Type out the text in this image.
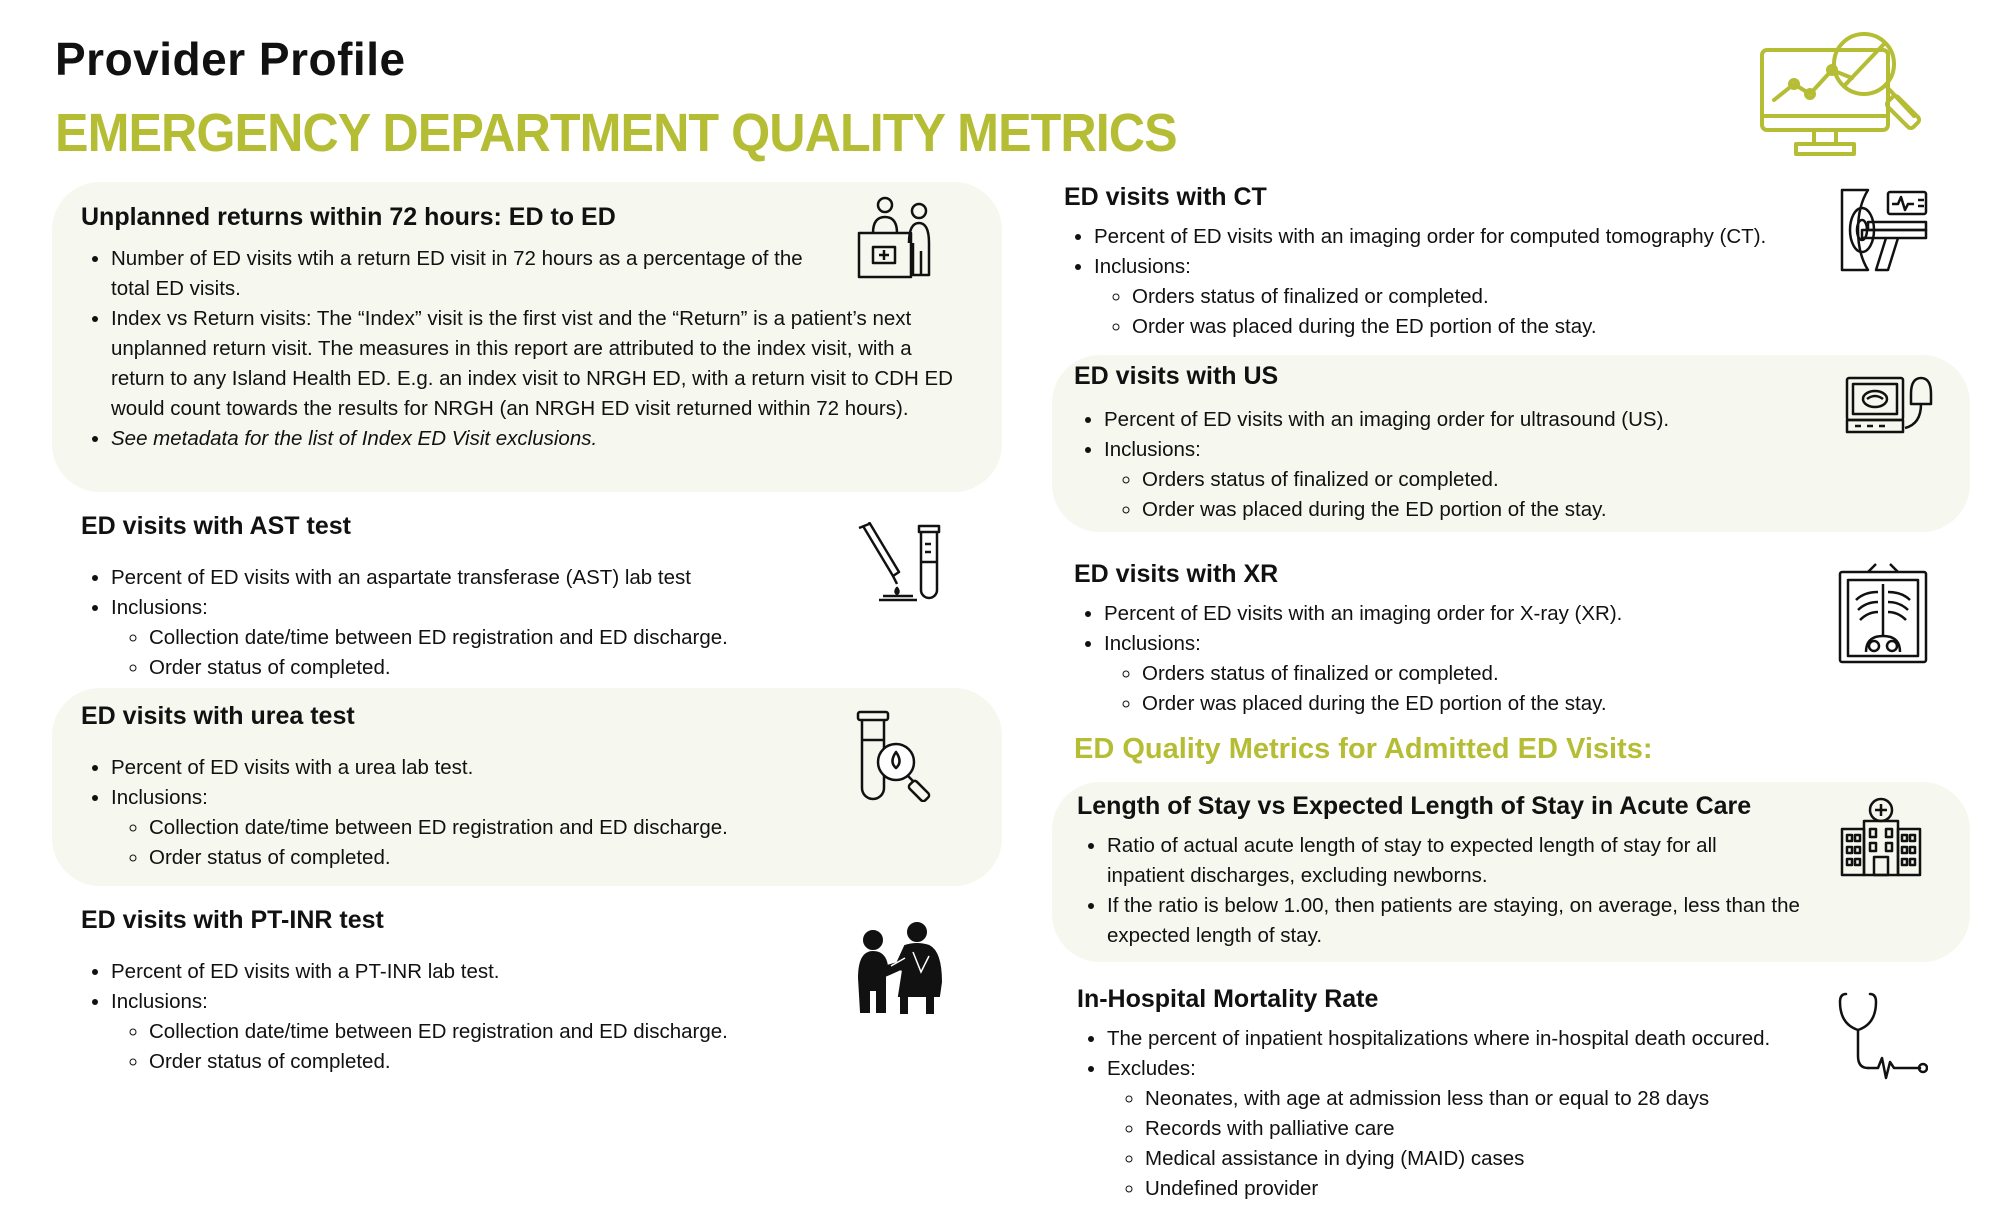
Provider Profile
EMERGENCY DEPARTMENT QUALITY METRICS
Unplanned returns within 72 hours: ED to ED
• Number of ED visits wtih a return ED visit in 72 hours as a percentage of the total ED visits.
• Index vs Return visits: The “Index” visit is the first vist and the “Return” is a patient’s next unplanned return visit. The measures in this report are attributed to the index visit, with a return to any Island Health ED. E.g. an index visit to NRGH ED, with a return visit to CDH ED would count towards the results for NRGH (an NRGH ED visit returned within 72 hours).
• See metadata for the list of Index ED Visit exclusions.
ED visits with AST test
• Percent of ED visits with an aspartate transferase (AST) lab test
• Inclusions:
◦ Collection date/time between ED registration and ED discharge.
◦ Order status of completed.
ED visits with urea test
• Percent of ED visits with a urea lab test.
• Inclusions:
◦ Collection date/time between ED registration and ED discharge.
◦ Order status of completed.
ED visits with PT-INR test
• Percent of ED visits with a PT-INR lab test.
• Inclusions:
◦ Collection date/time between ED registration and ED discharge.
◦ Order status of completed.
ED visits with CT
• Percent of ED visits with an imaging order for computed tomography (CT).
• Inclusions:
◦ Orders status of finalized or completed.
◦ Order was placed during the ED portion of the stay.
ED visits with US
• Percent of ED visits with an imaging order for ultrasound (US).
• Inclusions:
◦ Orders status of finalized or completed.
◦ Order was placed during the ED portion of the stay.
ED visits with XR
• Percent of ED visits with an imaging order for X-ray (XR).
• Inclusions:
◦ Orders status of finalized or completed.
◦ Order was placed during the ED portion of the stay.
ED Quality Metrics for Admitted ED Visits:
Length of Stay vs Expected Length of Stay in Acute Care
• Ratio of actual acute length of stay to expected length of stay for all inpatient discharges, excluding newborns.
• If the ratio is below 1.00, then patients are staying, on average, less than the expected length of stay.
In-Hospital Mortality Rate
• The percent of inpatient hospitalizations where in-hospital death occured.
• Excludes:
◦ Neonates, with age at admission less than or equal to 28 days
◦ Records with palliative care
◦ Medical assistance in dying (MAID) cases
◦ Undefined provider
